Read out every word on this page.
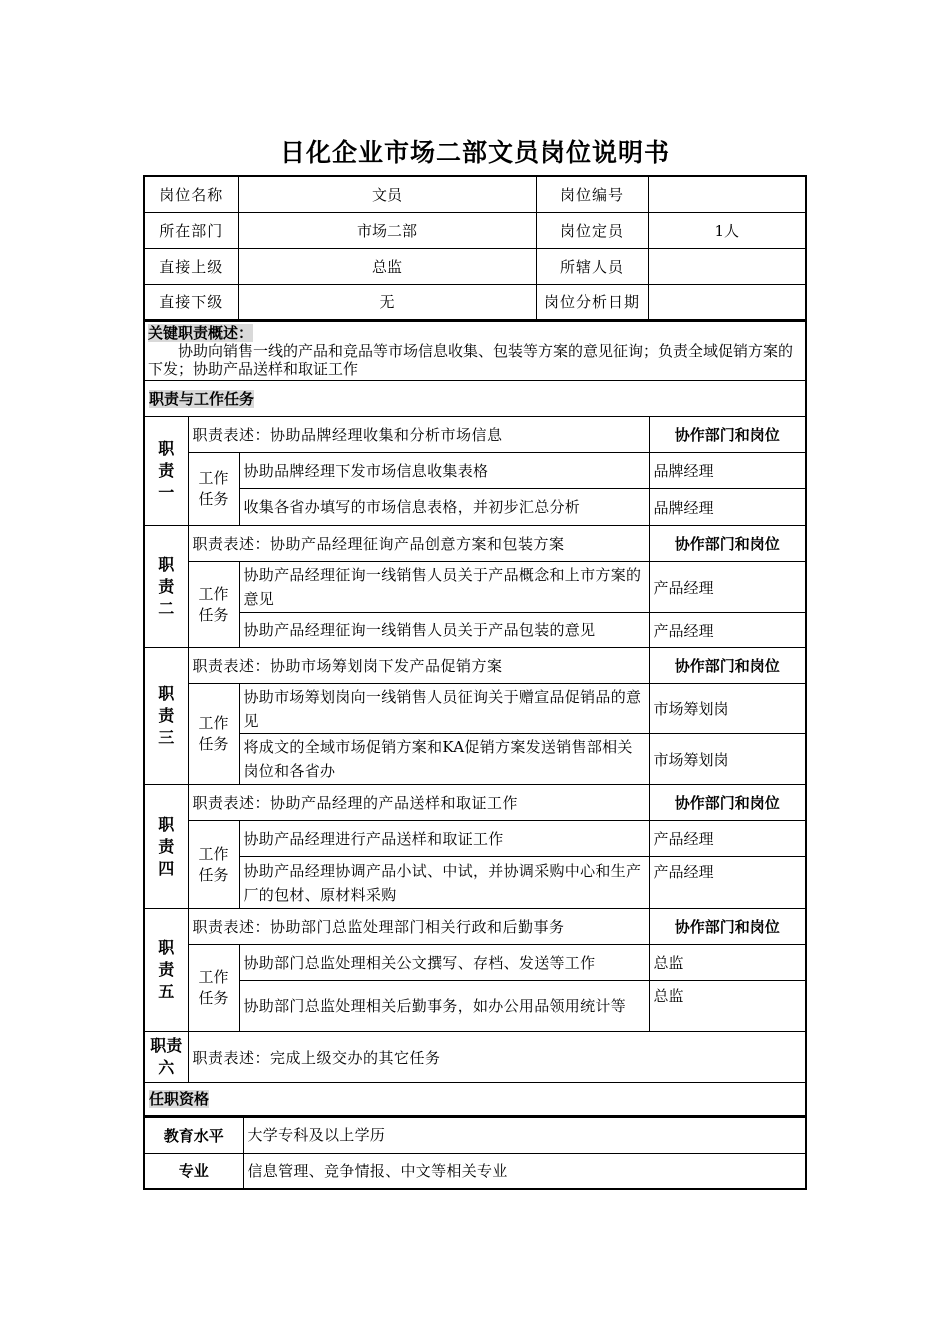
日化企业市场二部文员岗位说明书
岗位名称	文员	岗位编号	
所在部门	市场二部	岗位定员	1人
直接上级	总监	所辖人员	
直接下级	无	岗位分析日期	
关键职责概述：
协助向销售一线的产品和竞品等市场信息收集、包装等方案的意见征询；负责全域促销方案的下发；协助产品送样和取证工作			

职责与工作任务			

职
责
一	职责表述：协助品牌经理收集和分析市场信息		协作部门和岗位

	工作
任务	协助品牌经理下发市场信息收集表格	品牌经理
		收集各省办填写的市场信息表格，并初步汇总分析	品牌经理

职
责
二	职责表述：协助产品经理征询产品创意方案和包装方案		协作部门和岗位

	工作
任务	协助产品经理征询一线销售人员关于产品概念和上市方案的意见	产品经理
		协助产品经理征询一线销售人员关于产品包装的意见	产品经理

职
责
三	职责表述：协助市场筹划岗下发产品促销方案		协作部门和岗位

	工作
任务	协助市场筹划岗向一线销售人员征询关于赠宣品促销品的意见	市场筹划岗
		将成文的全域市场促销方案和KA促销方案发送销售部相关岗位和各省办	市场筹划岗

职
责
四	职责表述：协助产品经理的产品送样和取证工作		协作部门和岗位

	工作
任务	协助产品经理进行产品送样和取证工作	产品经理
		协助产品经理协调产品小试、中试，并协调采购中心和生产厂的包材、原材料采购	产品经理

职
责
五	职责表述：协助部门总监处理部门相关行政和后勤事务		协作部门和岗位

	工作
任务	协助部门总监处理相关公文撰写、存档、发送等工作	总监
		协助部门总监处理相关后勤事务，如办公用品领用统计等	总监

职责
六	职责表述：完成上级交办的其它任务		
任职资格			
教育水平	大学专科及以上学历
专业	信息管理、竞争情报、中文等相关专业
